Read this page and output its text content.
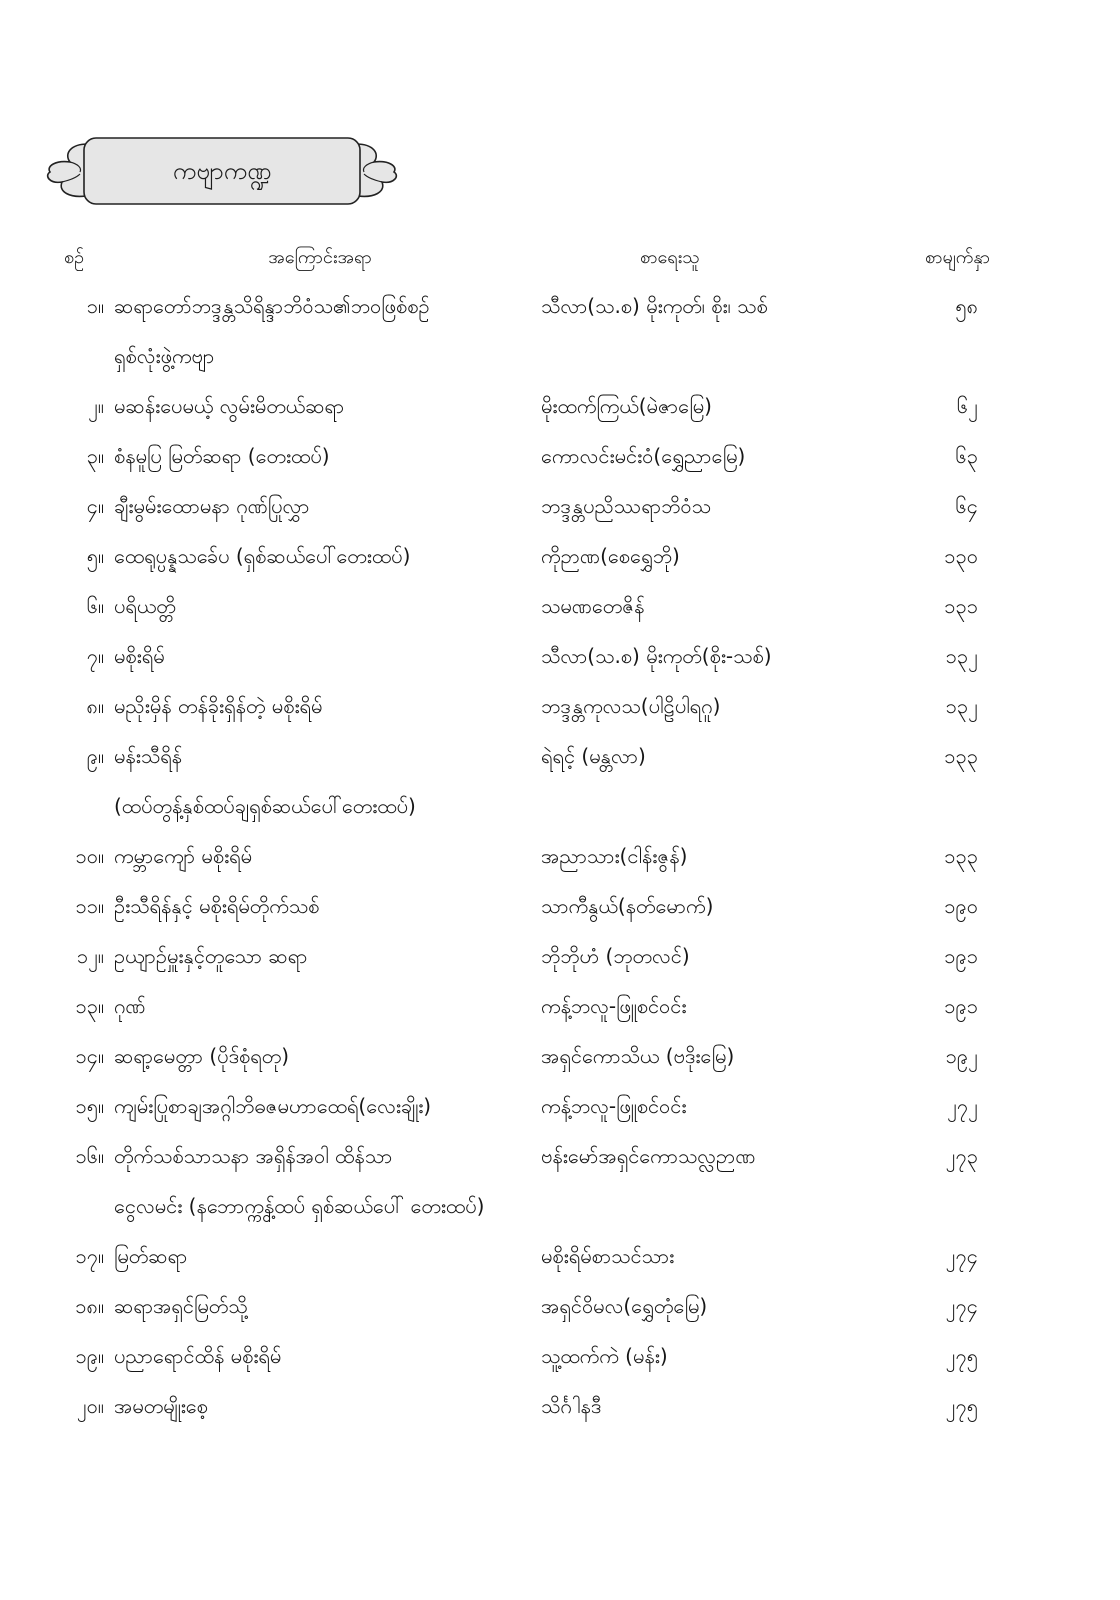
ကဗျာကဏ္ဍ
စဉ်	အကြောင်းအရာ	စာရေးသူ	စာမျက်နှာ
၁။ ဆရာတော်ဘဒ္ဒန္တသိရိန္ဒာဘိဝံသ၏ဘဝဖြစ်စဉ်	သီလာ(သ.စ) မိုးကုတ်၊ စိုး၊ သစ်	၅၈
ရှစ်လုံးဖွဲ့ကဗျာ
၂။ မဆန်းပေမယ့် လွမ်းမိတယ်ဆရာ	မိုးထက်ကြယ်(မဲဇာမြေ)	၆၂
၃။ စံနမူပြ မြတ်ဆရာ (တေးထပ်)	ကောလင်းမင်းဝံ(ရွှေညာမြေ)	၆၃
၄။ ချီးမွမ်းထောမနာ ဂုဏ်ပြုလွှာ	ဘဒ္ဒန္တပညိဿရာဘိဝံသ	၆၄
၅။ ထေရုပ္ပန္နသခ်ေပ (ရှစ်ဆယ်ပေါ်တေးထပ်)	ကိုဉာဏ(စေရွှေဘို)	၁၃၀
၆။ ပရိယတ္တိ	သမဏတေဇိန်	၁၃၁
၇။ မစိုးရိမ်	သီလာ(သ.စ) မိုးကုတ်(စိုး-သစ်)	၁၃၂
၈။ မညိုးမှိန် တန်ခိုးရှိန်တဲ့ မစိုးရိမ်	ဘဒ္ဒန္တကုလသ(ပါဠိပါရဂူ)	၁၃၂
၉။ မန်းသီရိန်	ရဲရင့် (မန္တလာ)	၁၃၃
(ထပ်တွန့်နှစ်ထပ်ချရှစ်ဆယ်ပေါ်တေးထပ်)
၁၀။ ကမ္ဘာကျော် မစိုးရိမ်	အညာသား(ငါန်းဇွန်)	၁၃၃
၁၁။ ဦးသီရိန်နှင့် မစိုးရိမ်တိုက်သစ်	သာကီနွယ်(နတ်မောက်)	၁၉၀
၁၂။ ဥယျာဉ်မှူးနှင့်တူသော ဆရာ	ဘိုဘိုဟံ (ဘုတလင်)	၁၉၁
၁၃။ ဂုဏ်	ကန့်ဘလူ-ဖြူစင်ဝင်း	၁၉၁
၁၄။ ဆရာ့မေတ္တာ (ပိုဒ်စုံရတု)	အရှင်ကောသိယ (ဗဒိုးမြေ)	၁၉၂
၁၅။ ကျမ်းပြုစာချအဂ္ဂါဘိဓဇမဟာထေရ်(လေးချိုး)	ကန့်ဘလူ-ဖြူစင်ဝင်း	၂၇၂
၁၆။ တိုက်သစ်သာသနာ အရှိန်အဝါ ထိန်သာ	ဗန်းမော်အရှင်ကောသလ္လဉာဏ	၂၇၃
ငွေလမင်း (နဘောက္ကွန့်ထပ် ရှစ်ဆယ်ပေါ် တေးထပ်)
၁၇။ မြတ်ဆရာ	မစိုးရိမ်စာသင်သား	၂၇၄
၁၈။ ဆရာအရှင်မြတ်သို့	အရှင်ဝိမလ(ရွှေတုံမြေ)	၂၇၄
၁၉။ ပညာရောင်ထိန် မစိုးရိမ်	သူ့ထက်ကဲ (မန်း)	၂၇၅
၂၀။ အမတမျိုးစေ့	သိင်္ဂါနဒီ	၂၇၅
